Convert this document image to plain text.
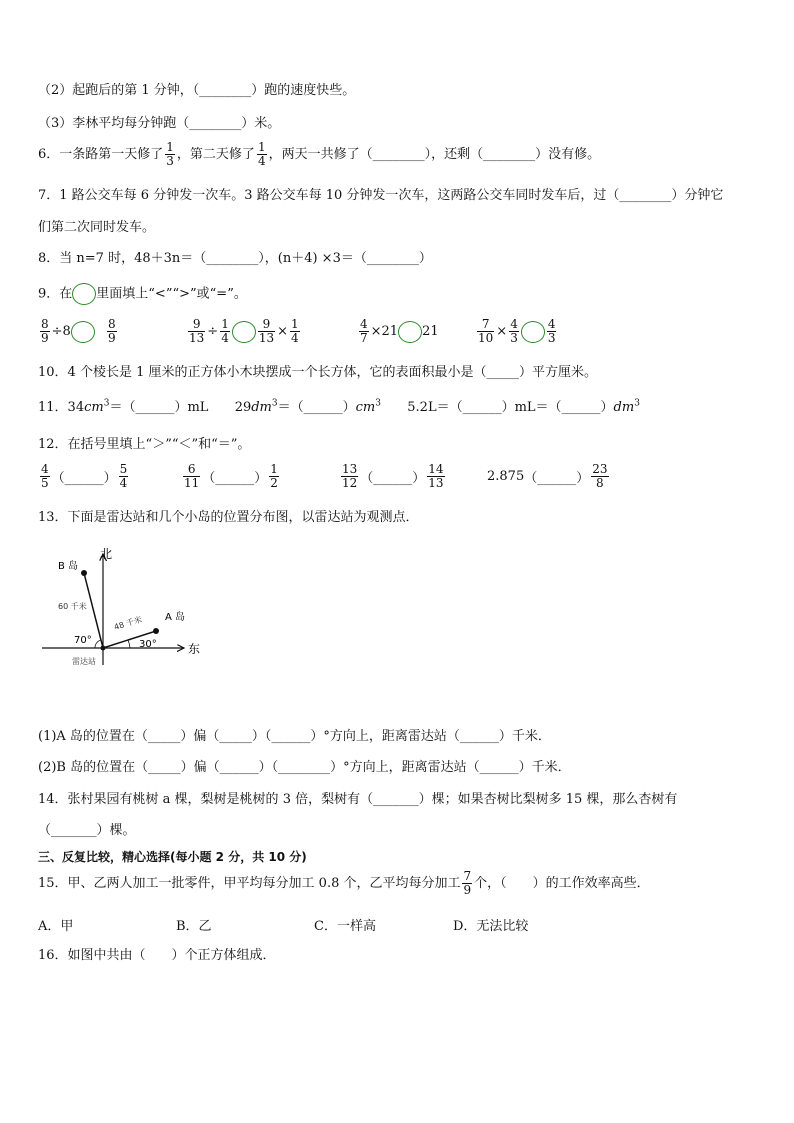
（2）起跑后的第 1 分钟，（________）跑的速度快些。
（3）李林平均每分钟跑（________）米。
6．一条路第一天修了 $\frac{1}{3}$ ，第二天修了 $\frac{1}{4}$ ，两天一共修了（________），还剩（________）没有修。
7．1 路公交车每 6 分钟发一次车。3 路公交车每 10 分钟发一次车，这两路公交车同时发车后，过（________）分钟它
们第二次同时发车。
8．当 n=7 时，48＋3n＝（________），(n＋4) ×3＝（________）
9．在 里面填上“<”“>”或“=”。
$\frac{8}{9} \div 8$	$\frac{8}{9}$	$\frac{9}{13} \div \frac{1}{4} \frac{9}{13} \times \frac{1}{4}$	$\frac{4}{7} \times 21$ 21	$\frac{7}{10} \times \frac{4}{3} \frac{4}{3}$
10．4 个棱长是 1 厘米的正方体小木块摆成一个长方体，它的表面积最小是（_____）平方厘米。
11．$34cm^3=(\_\_\_\_\_\_)mL$ $29dm^3=(\_\_\_\_\_\_)cm^3$ $5.2L=(\_\_\_\_\_\_)mL=(\_\_\_\_\_\_)dm^3$
12．在括号里填上“＞”“＜”和“＝”。
$\frac{4}{5}$ （______） $\frac{5}{4}$	$\frac{6}{11}$ （______） $\frac{1}{2}$	$\frac{13}{12}$ （______） $\frac{14}{13}$	2.875（______） $\frac{23}{8}$
13．下面是雷达站和几个小岛的位置分布图，以雷达站为观测点．
北
东
B 岛
A 岛
60 千米
48 千米
70°	30°
雷达站
(1)A 岛的位置在（_____）偏（_____）（______）°方向上，距离雷达站（______）千米．
(2)B 岛的位置在（_____）偏（______）（________）°方向上，距离雷达站（______）千米．
14．张村果园有桃树 a 棵，梨树是桃树的 3 倍，梨树有（_______）棵；如果杏树比梨树多 15 棵，那么杏树有
（_______）棵。
三、反复比较，精心选择(每小题 2 分，共 10 分)
15．甲、乙两人加工一批零件，甲平均每分加工 0.8 个，乙平均每分加工 $\frac{7}{9}$ 个，（　　）的工作效率高些．
A．甲	B．乙	C．一样高	D．无法比较
16．如图中共由（　　）个正方体组成．
